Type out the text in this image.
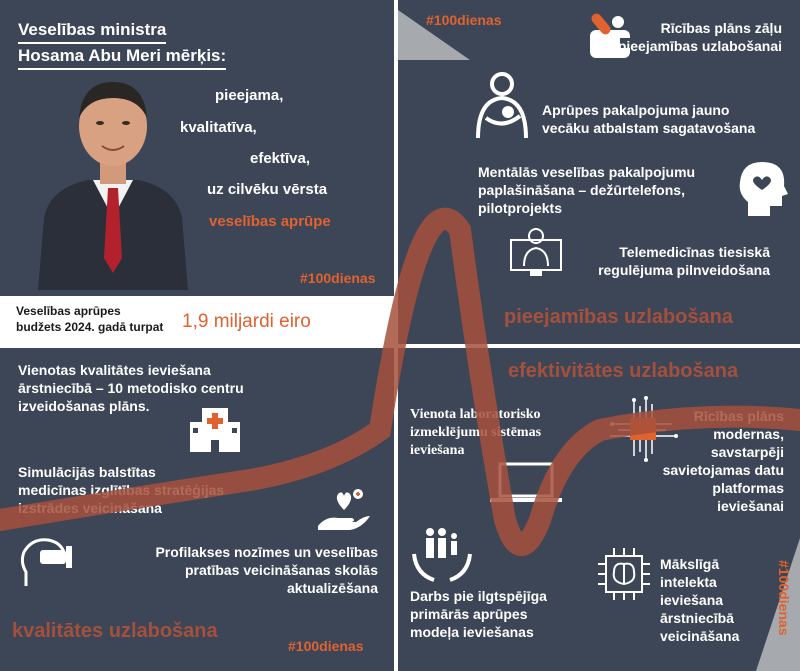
Veselības ministra
Hosama Abu Meri mērķis:
pieejama,
kvalitatīva,
efektīva,
uz cilvēku vērsta
veselības aprūpe
#100dienas
Veselības aprūpes
budžets 2024. gadā turpat 1,9 miljardi eiro
#100dienas	Rīcības plāns zāļu
pieejamības uzlabošanai
Aprūpes pakalpojuma jauno
vecāku atbalstam sagatavošana
Mentālās veselības pakalpojumu
paplašināšana – dežūrtelefons,
pilotprojekts
Telemedicīnas tiesiskā
regulējuma pilnveidošana
pieejamības uzlabošana
Vienotas kvalitātes ieviešana
ārstniecībā – 10 metodisko centru
izveidošanas plāns.
Simulācijās balstītas
medicīnas izglītības stratēģijas
izstrādes veicināšana
Profilakses nozīmes un veselības
pratības veicināšanas skolās
aktualizēšana
kvalitātes uzlabošana
#100dienas
efektivitātes uzlabošana
Vienota laboratorisko
izmeklējumu sistēmas
ieviešana
Rīcības plāns
modernas,
savstarpēji
savietojamas datu
platformas
ieviešanai
Darbs pie ilgtspējīga
primārās aprūpes
modeļa ieviešanas
Mākslīgā
intelekta
ieviešana
ārstniecībā
veicināšana
#100dienas
